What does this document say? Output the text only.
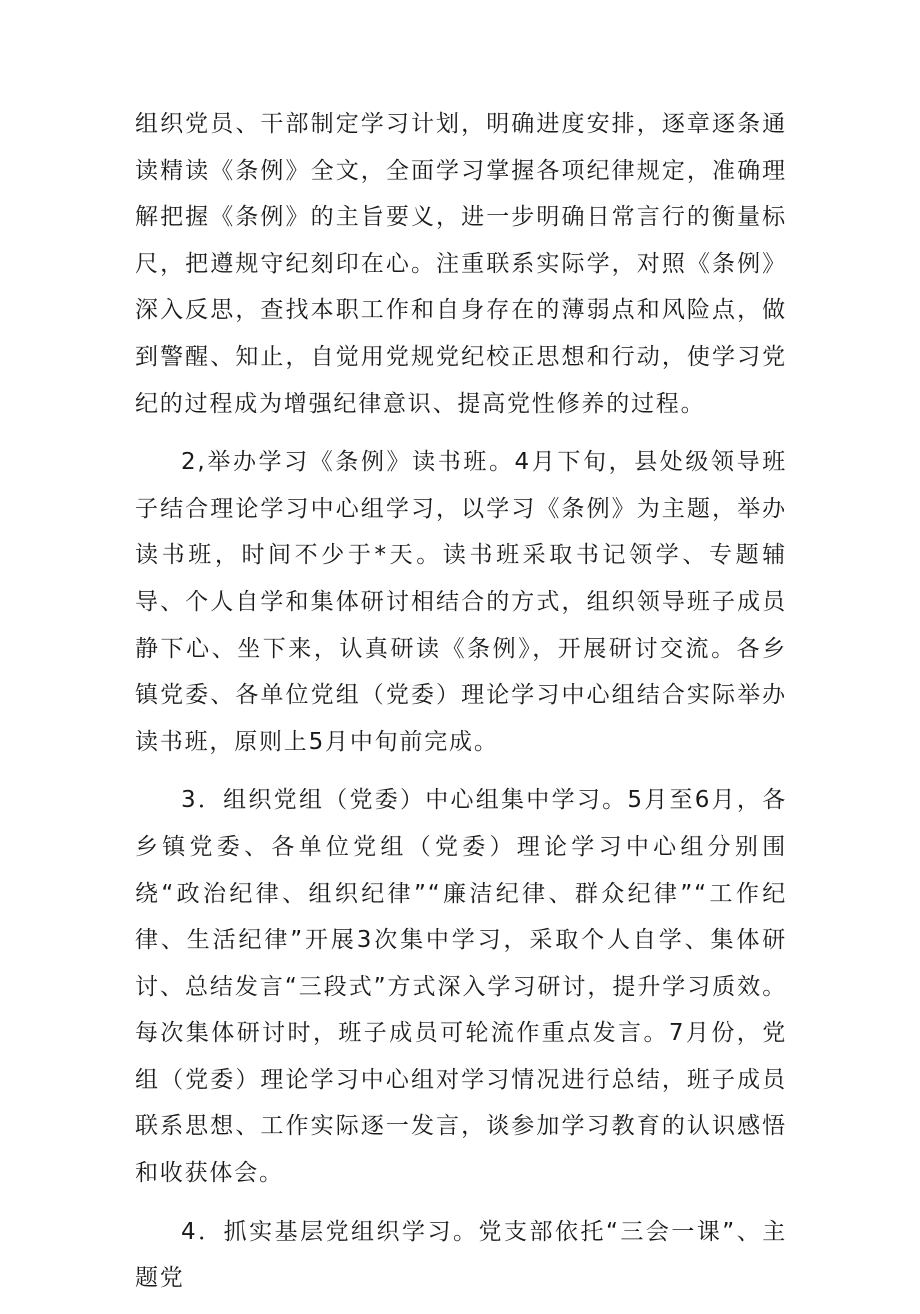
组织党员、干部制定学习计划，明确进度安排，逐章逐条通读精读《条例》全文，全面学习掌握各项纪律规定，准确理解把握《条例》的主旨要义，进一步明确日常言行的衡量标尺，把遵规守纪刻印在心。注重联系实际学，对照《条例》深入反思，查找本职工作和自身存在的薄弱点和风险点，做到警醒、知止，自觉用党规党纪校正思想和行动，使学习党纪的过程成为增强纪律意识、提高党性修养的过程。

2,举办学习《条例》读书班。4月下旬，县处级领导班子结合理论学习中心组学习，以学习《条例》为主题，举办读书班，时间不少于*天。读书班采取书记领学、专题辅导、个人自学和集体研讨相结合的方式，组织领导班子成员静下心、坐下来，认真研读《条例》，开展研讨交流。各乡镇党委、各单位党组（党委）理论学习中心组结合实际举办读书班，原则上5月中旬前完成。

3．组织党组（党委）中心组集中学习。5月至6月，各乡镇党委、各单位党组（党委）理论学习中心组分别围绕“政治纪律、组织纪律”“廉洁纪律、群众纪律”“工作纪律、生活纪律”开展3次集中学习，采取个人自学、集体研讨、总结发言“三段式”方式深入学习研讨，提升学习质效。每次集体研讨时，班子成员可轮流作重点发言。7月份，党组（党委）理论学习中心组对学习情况进行总结，班子成员联系思想、工作实际逐一发言，谈参加学习教育的认识感悟和收获体会。

4．抓实基层党组织学习。党支部依托“三会一课”、主题党
